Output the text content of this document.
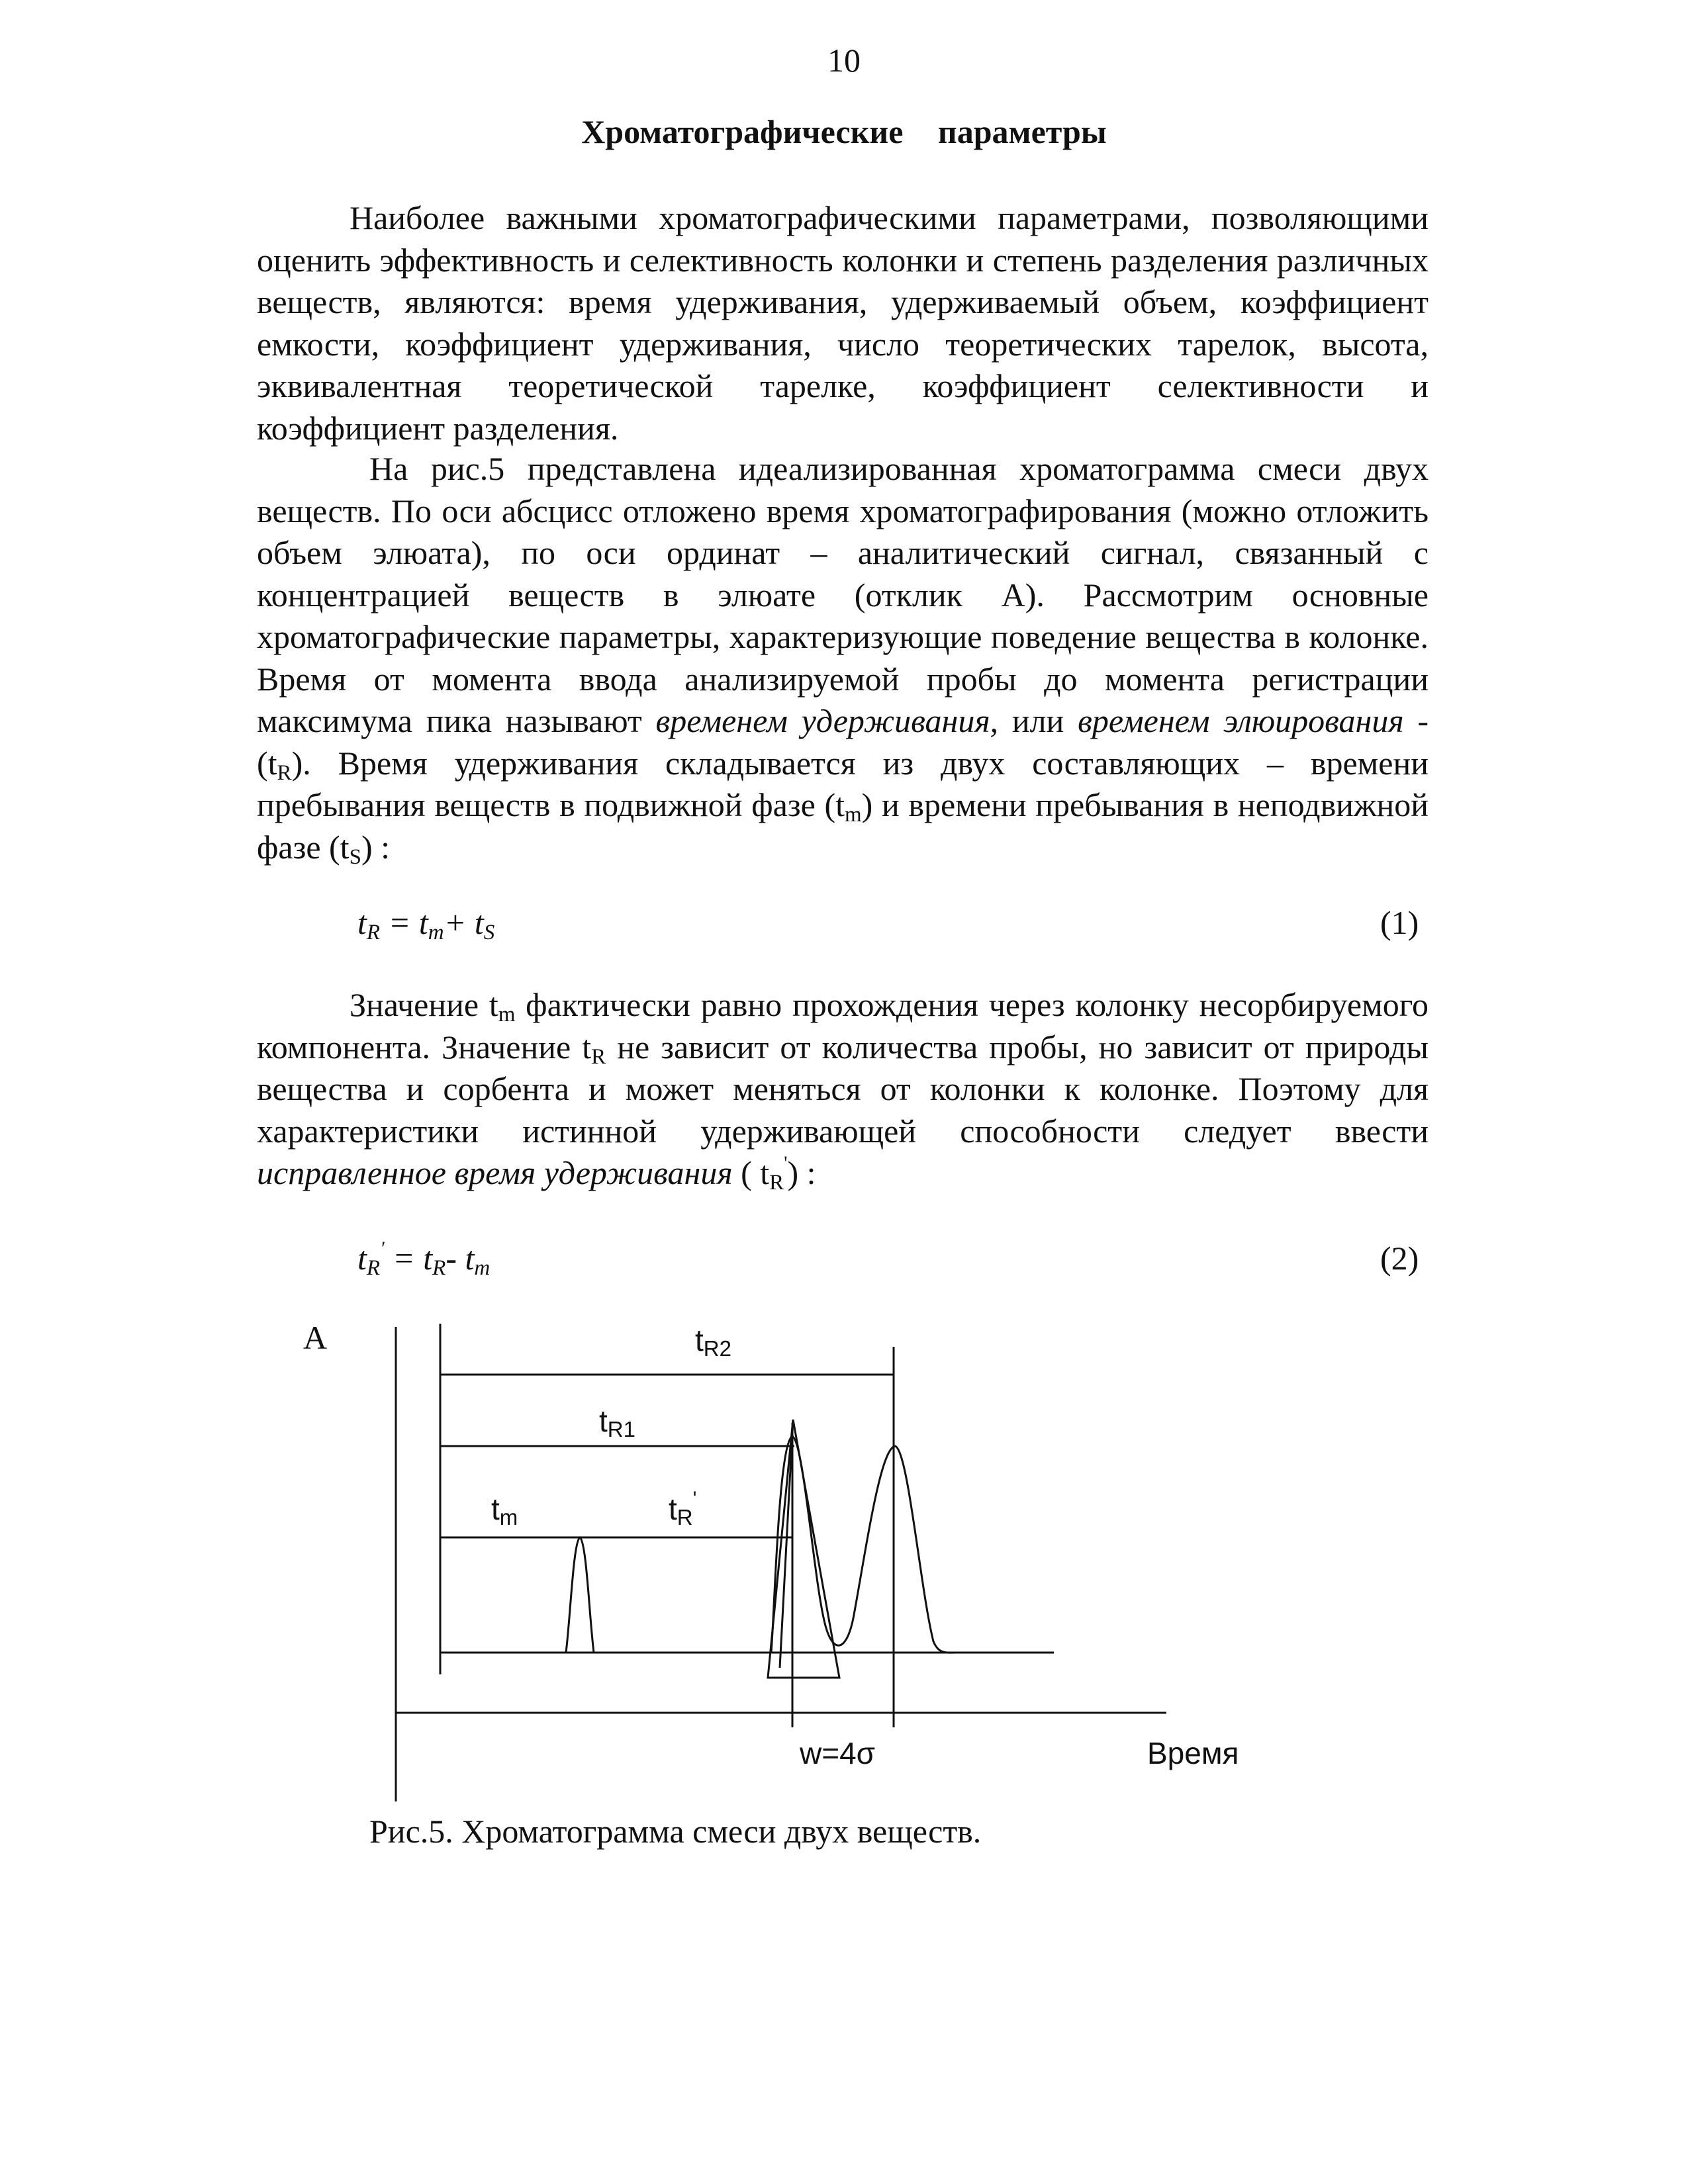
10
Хроматографические параметры
Наиболее важными хроматографическими параметрами, позволяющими оценить эффективность и селективность колонки и степень разделения различных веществ, являются: время удерживания, удерживаемый объем, коэффициент емкости, коэффициент удерживания, число теоретических тарелок, высота, эквивалентная теоретической тарелке, коэффициент селективности и коэффициент разделения.
На рис.5 представлена идеализированная хроматограмма смеси двух веществ. По оси абсцисс отложено время хроматографирования (можно отложить объем элюата), по оси ординат – аналитический сигнал, связанный с концентрацией веществ в элюате (отклик А). Рассмотрим основные хроматографические параметры, характеризующие поведение вещества в колонке. Время от момента ввода анализируемой пробы до момента регистрации максимума пика называют временем удерживания, или временем элюирования - $(t_R)$. Время удерживания складывается из двух составляющих – времени пребывания веществ в подвижной фазе $(t_m)$ и времени пребывания в неподвижной фазе $(t_S)$ :
$t_R = t_m+ t_S$	(1)
Значение $t_m$ фактически равно прохождения через колонку несорбируемого компонента. Значение $t_R$ не зависит от количества пробы, но зависит от природы вещества и сорбента и может меняться от колонки к колонке. Поэтому для характеристики истинной удерживающей способности следует ввести исправленное время удерживания ( $t_R'$) :
$t_R' = t_R-$ $t_m$	(2)
A	$t_{R2}$
$t_{R1}$
$t_m$	$t_R'$
w=4σ	Время
Рис.5. Хроматограмма смеси двух веществ.
